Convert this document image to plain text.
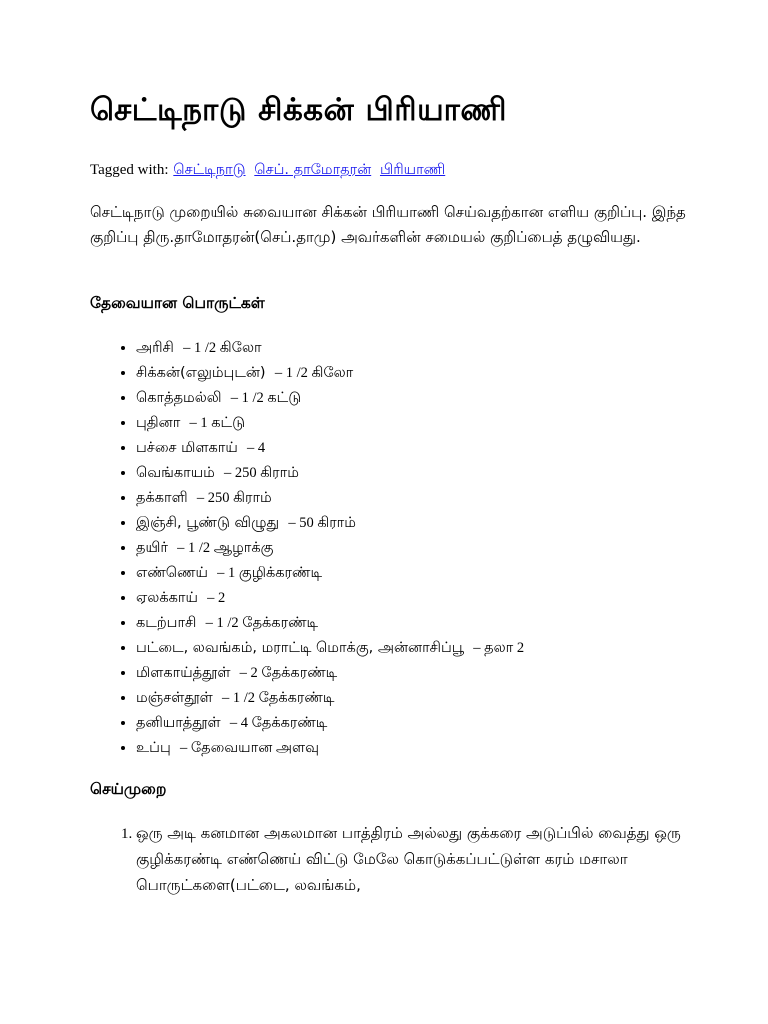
செட்டிநாடு சிக்கன் பிரியாணி
Tagged with: செட்டிநாடு செப். தாமோதரன் பிரியாணி

செட்டிநாடு முறையில் சுவையான சிக்கன் பிரியாணி செய்வதற்கான எளிய குறிப்பு. இந்த குறிப்பு திரு.தாமோதரன்(செப்.தாமு) அவர்களின் சமையல் குறிப்பைத் தழுவியது.

தேவையான பொருட்கள்
• அரிசி – 1 /2 கிலோ
• சிக்கன்(எலும்புடன்) – 1 /2 கிலோ
• கொத்தமல்லி – 1 /2 கட்டு
• புதினா – 1 கட்டு
• பச்சை மிளகாய் – 4
• வெங்காயம் – 250 கிராம்
• தக்காளி – 250 கிராம்
• இஞ்சி, பூண்டு விழுது – 50 கிராம்
• தயிர் – 1 /2 ஆழாக்கு
• எண்ணெய் – 1 குழிக்கரண்டி
• ஏலக்காய் – 2
• கடற்பாசி – 1 /2 தேக்கரண்டி
• பட்டை, லவங்கம், மராட்டி மொக்கு, அன்னாசிப்பூ – தலா 2
• மிளகாய்த்தூள் – 2 தேக்கரண்டி
• மஞ்சள்தூள் – 1 /2 தேக்கரண்டி
• தனியாத்தூள் – 4 தேக்கரண்டி
• உப்பு – தேவையான அளவு
செய்முறை
1. ஒரு அடி கனமான அகலமான பாத்திரம் அல்லது குக்கரை அடுப்பில் வைத்து ஒரு குழிக்கரண்டி எண்ணெய் விட்டு மேலே கொடுக்கப்பட்டுள்ள கரம் மசாலா பொருட்களை(பட்டை, லவங்கம்,
